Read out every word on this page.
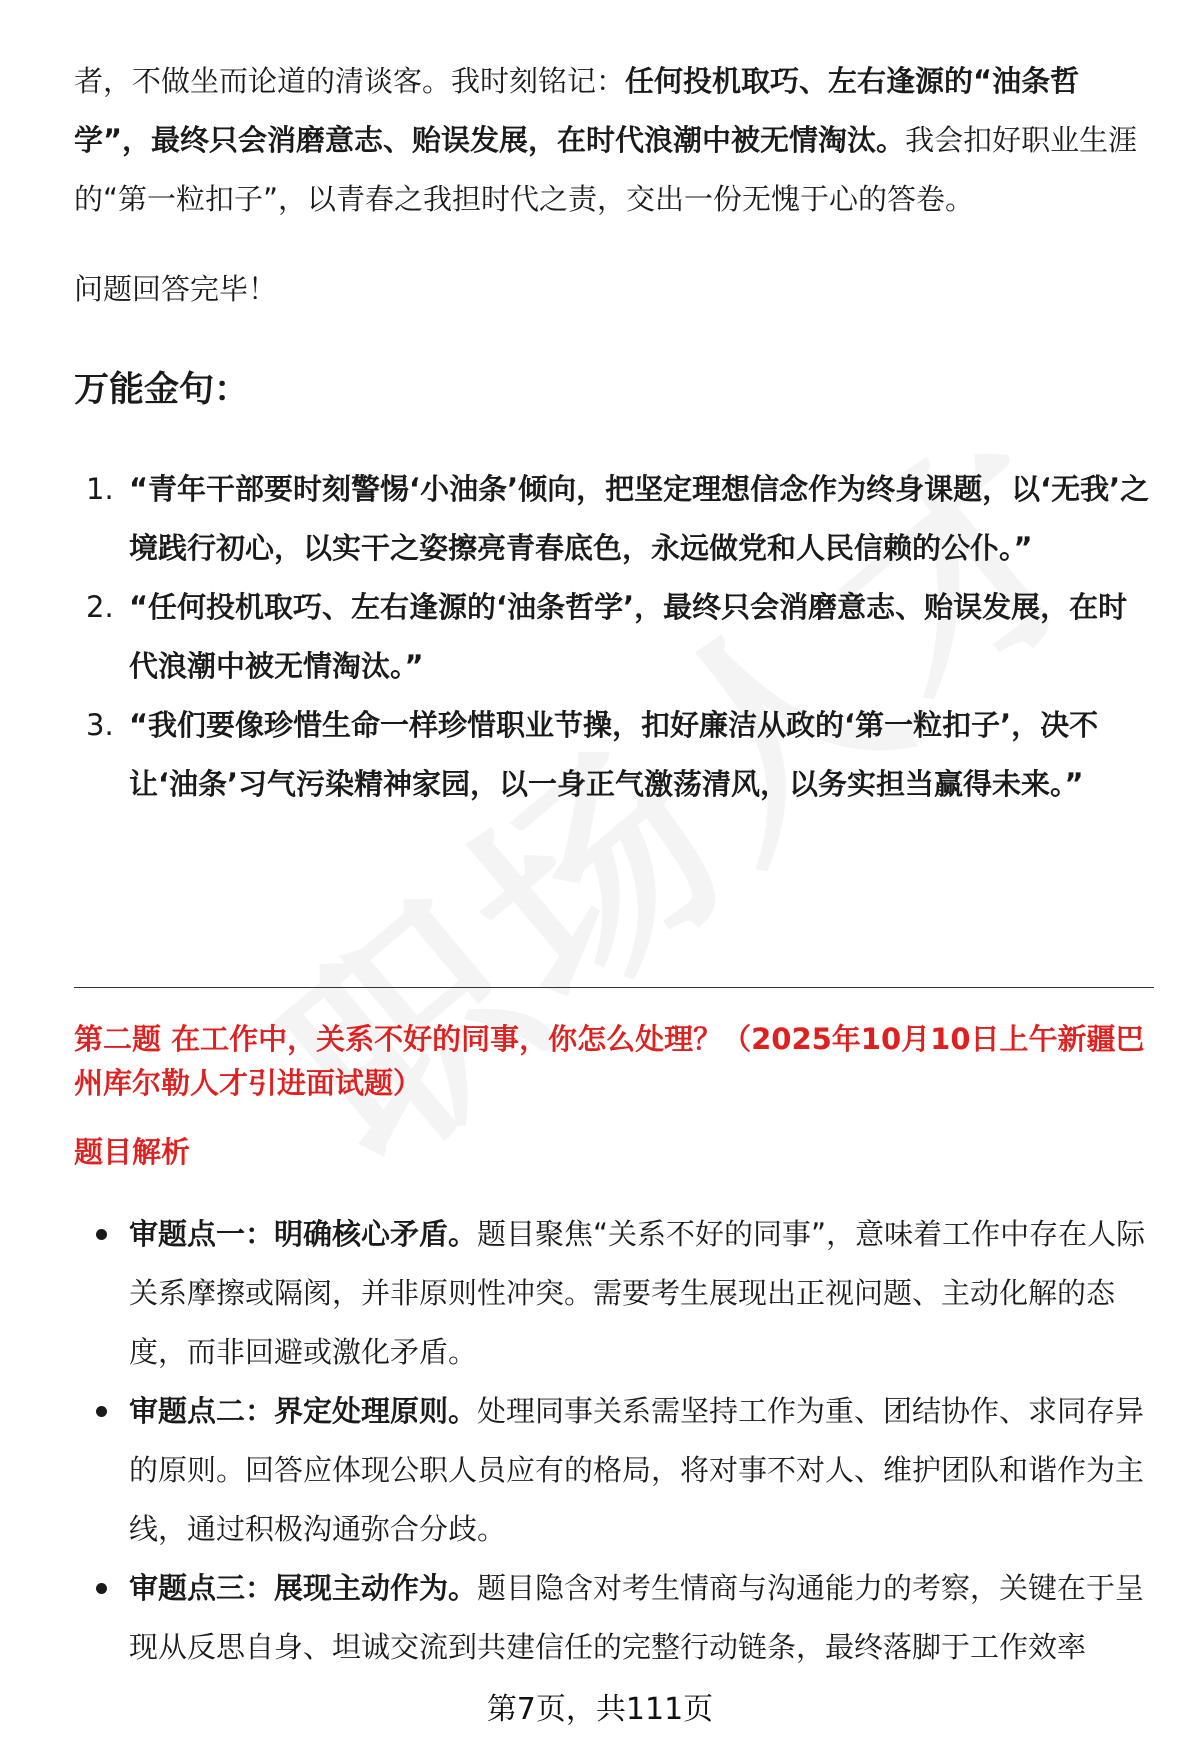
者，不做坐而论道的清谈客。我时刻铭记：任何投机取巧、左右逢源的“油条哲学”，最终只会消磨意志、贻误发展，在时代浪潮中被无情淘汰。我会扣好职业生涯的“第一粒扣子”，以青春之我担时代之责，交出一份无愧于心的答卷。

问题回答完毕！

万能金句：
1. “青年干部要时刻警惕‘小油条’倾向，把坚定理想信念作为终身课题，以‘无我’之境践行初心，以实干之姿擦亮青春底色，永远做党和人民信赖的公仆。”
2. “任何投机取巧、左右逢源的‘油条哲学’，最终只会消磨意志、贻误发展，在时代浪潮中被无情淘汰。”
3. “我们要像珍惜生命一样珍惜职业节操，扣好廉洁从政的‘第一粒扣子’，决不让‘油条’习气污染精神家园，以一身正气激荡清风，以务实担当赢得未来。”

第二题 在工作中，关系不好的同事，你怎么处理？（2025年10月10日上午新疆巴州库尔勒人才引进面试题）

题目解析
审题点一：明确核心矛盾。题目聚焦“关系不好的同事”，意味着工作中存在人际关系摩擦或隔阂，并非原则性冲突。需要考生展现出正视问题、主动化解的态度，而非回避或激化矛盾。
审题点二：界定处理原则。处理同事关系需坚持工作为重、团结协作、求同存异的原则。回答应体现公职人员应有的格局，将对事不对人、维护团队和谐作为主线，通过积极沟通弥合分歧。
审题点三：展现主动作为。题目隐含对考生情商与沟通能力的考察，关键在于呈现从反思自身、坦诚交流到共建信任的完整行动链条，最终落脚于工作效率
第7页，共111页
